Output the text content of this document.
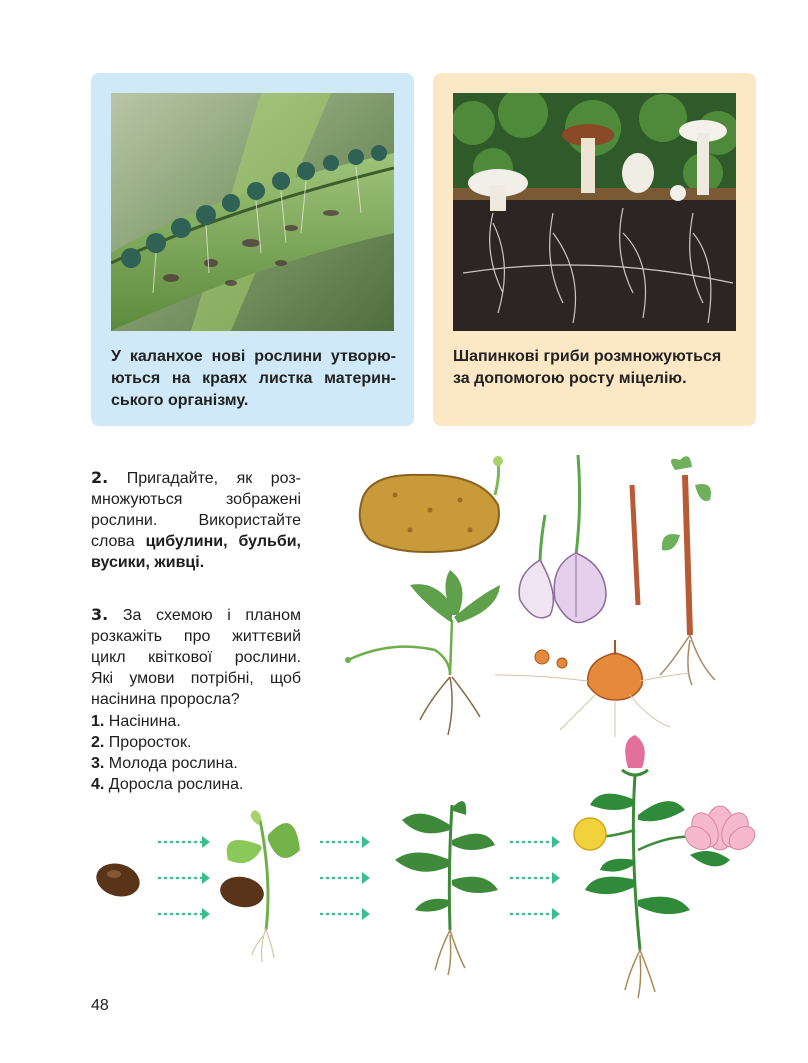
У каланхое нові рослини утворю-
ються на краях листка материн-
ського організму.
Шапинкові гриби розмножуються
за допомогою росту міцелію.
2. Пригадайте, як роз-
множуються зображені
рослини. Використайте
слова цибулини, бульби,
вусики, живці.
3. За схемою і планом
розкажіть про життєвий
цикл квіткової рослини.
Які умови потрібні, щоб
насінина проросла?
1. Насінина.
2. Проросток.
3. Молода рослина.
4. Доросла рослина.
48
